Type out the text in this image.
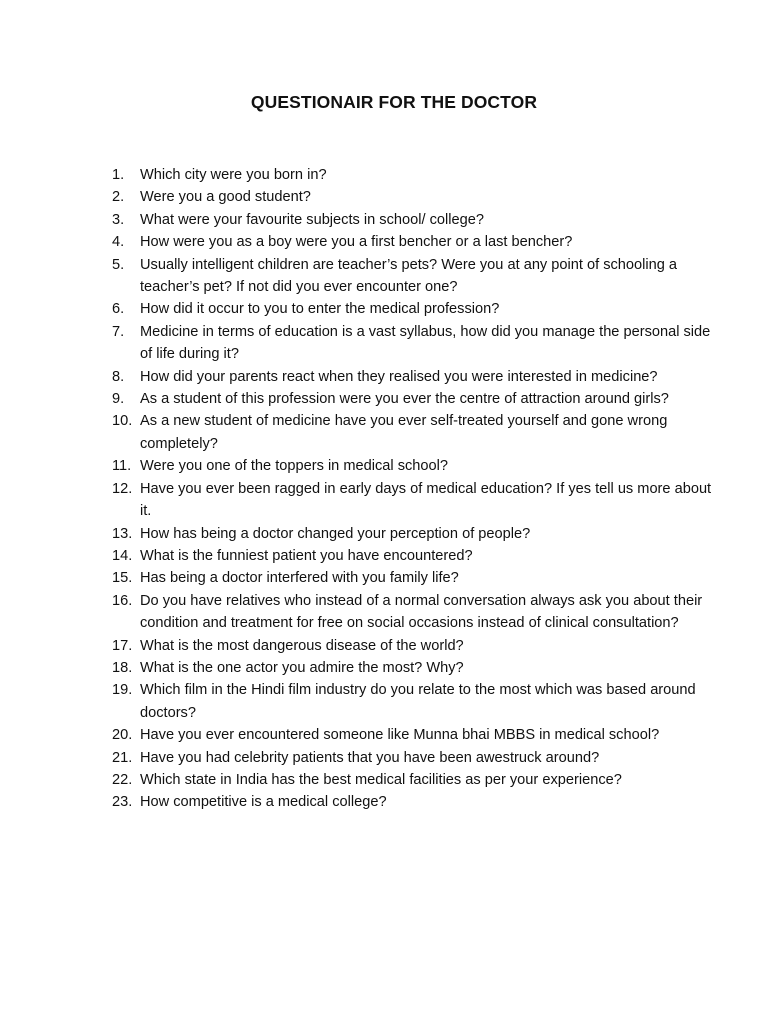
QUESTIONAIR FOR THE DOCTOR
1.	Which city were you born in?
2.	Were you a good student?
3.	What were your favourite subjects in school/ college?
4.	How were you as a boy were you a first bencher or a last bencher?
5.	Usually intelligent children are teacher’s pets? Were you at any point of schooling a teacher’s pet? If not did you ever encounter one?
6.	How did it occur to you to enter the medical profession?
7.	Medicine in terms of education is a vast syllabus, how did you manage the personal side of life during it?
8.	How did your parents react when they realised you were interested in medicine?
9.	As a student of this profession were you ever the centre of attraction around girls?
10. As a new student of medicine have you ever self-treated yourself and gone wrong completely?
11. Were you one of the toppers in medical school?
12. Have you ever been ragged in early days of medical education? If yes tell us more about it.
13. How has being a doctor changed your perception of people?
14. What is the funniest patient you have encountered?
15. Has being a doctor interfered with you family life?
16. Do you have relatives who instead of a normal conversation always ask you about their condition and treatment for free on social occasions instead of clinical consultation?
17. What is the most dangerous disease of the world?
18. What is the one actor you admire the most? Why?
19. Which film in the Hindi film industry do you relate to the most which was based around doctors?
20. Have you ever encountered someone like Munna bhai MBBS in medical school?
21. Have you had celebrity patients that you have been awestruck around?
22. Which state in India has the best medical facilities as per your experience?
23. How competitive is a medical college?
